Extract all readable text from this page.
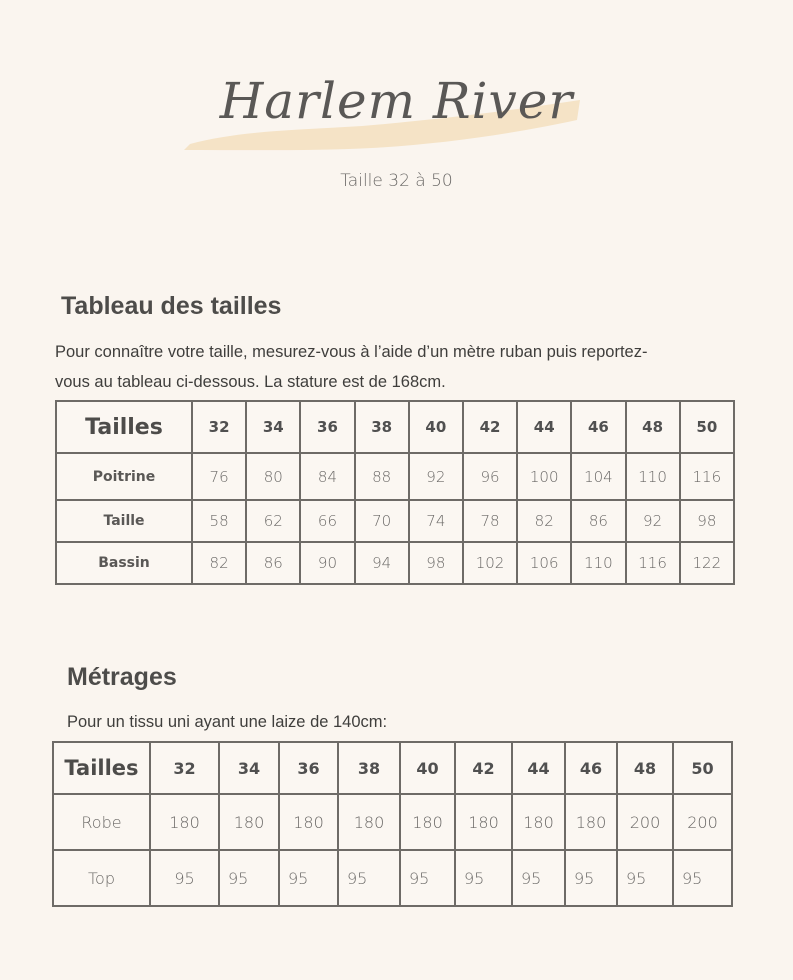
Harlem River
Taille 32 à 50
Tableau des tailles
Pour connaître votre taille, mesurez-vous à l’aide d’un mètre ruban puis reportez-
vous au tableau ci-dessous. La stature est de 168cm.
Tailles	32	34	36	38	40	42	44	46	48	50
Poitrine	76	80	84	88	92	96	100	104	110	116
Taille	58	62	66	70	74	78	82	86	92	98
Bassin	82	86	90	94	98	102	106	110	116	122
Métrages
Pour un tissu uni ayant une laize de 140cm:
Tailles	32	34	36	38	40	42	44	46	48	50
Robe	180	180	180	180	180	180	180	180	200	200
Top	95	95	95	95	95	95	95	95	95	95
